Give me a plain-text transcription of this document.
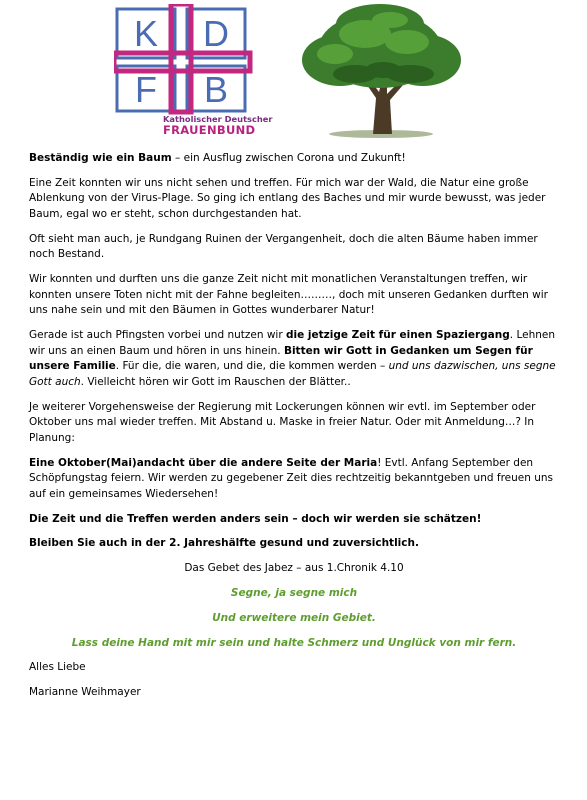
K D
F B
Katholischer Deutscher
FRAUENBUND

Beständig wie ein Baum – ein Ausflug zwischen Corona und Zukunft!

Eine Zeit konnten wir uns nicht sehen und treffen. Für mich war der Wald, die Natur eine große Ablenkung von der Virus-Plage. So ging ich entlang des Baches und mir wurde bewusst, was jeder Baum, egal wo er steht, schon durchgestanden hat.

Oft sieht man auch, je Rundgang Ruinen der Vergangenheit, doch die alten Bäume haben immer noch Bestand.

Wir konnten und durften uns die ganze Zeit nicht mit monatlichen Veranstaltungen treffen, wir konnten unsere Toten nicht mit der Fahne begleiten………, doch mit unseren Gedanken durften wir uns nahe sein und mit den Bäumen in Gottes wunderbarer Natur!

Gerade ist auch Pfingsten vorbei und nutzen wir die jetzige Zeit für einen Spaziergang. Lehnen wir uns an einen Baum und hören in uns hinein. Bitten wir Gott in Gedanken um Segen für unsere Familie. Für die, die waren, und die, die kommen werden – und uns dazwischen, uns segne Gott auch. Vielleicht hören wir Gott im Rauschen der Blätter..

Je weiterer Vorgehensweise der Regierung mit Lockerungen können wir evtl. im September oder Oktober uns mal wieder treffen. Mit Abstand u. Maske in freier Natur. Oder mit Anmeldung…? In Planung:

Eine Oktober(Mai)andacht über die andere Seite der Maria! Evtl. Anfang September den Schöpfungstag feiern. Wir werden zu gegebener Zeit dies rechtzeitig bekanntgeben und freuen uns auf ein gemeinsames Wiedersehen!

Die Zeit und die Treffen werden anders sein – doch wir werden sie schätzen!

Bleiben Sie auch in der 2. Jahreshälfte gesund und zuversichtlich.

Das Gebet des Jabez – aus 1.Chronik 4.10

Segne, ja segne mich

Und erweitere mein Gebiet.

Lass deine Hand mit mir sein und halte Schmerz und Unglück von mir fern.

Alles Liebe

Marianne Weihmayer
